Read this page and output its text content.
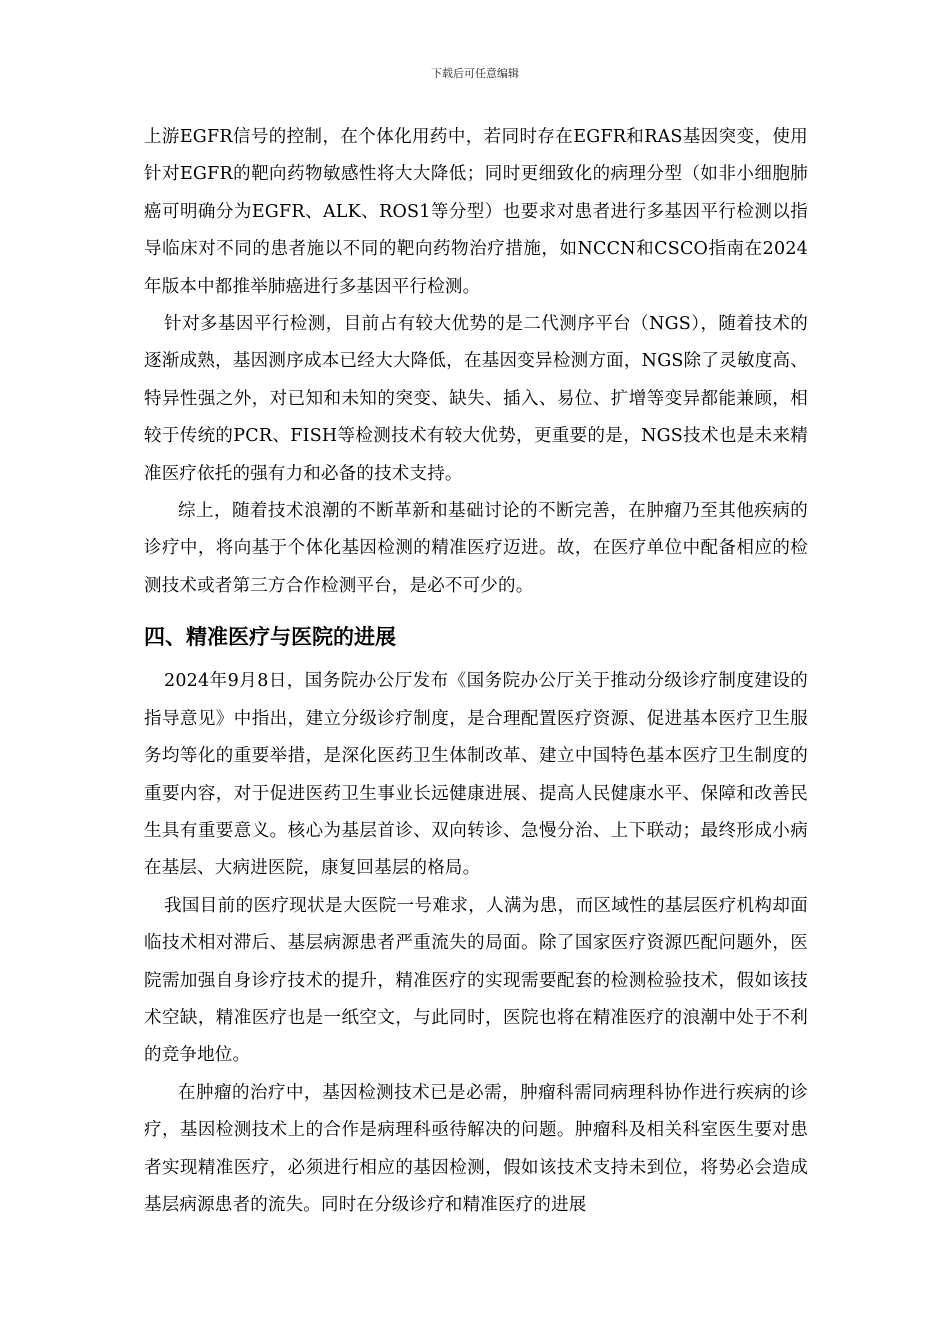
下载后可任意编辑

上游EGFR信号的控制，在个体化用药中，若同时存在EGFR和RAS基因突变，使用针对EGFR的靶向药物敏感性将大大降低；同时更细致化的病理分型（如非小细胞肺癌可明确分为EGFR、ALK、ROS1等分型）也要求对患者进行多基因平行检测以指导临床对不同的患者施以不同的靶向药物治疗措施，如NCCN和CSCO指南在2024年版本中都推举肺癌进行多基因平行检测。

针对多基因平行检测，目前占有较大优势的是二代测序平台（NGS），随着技术的逐渐成熟，基因测序成本已经大大降低，在基因变异检测方面，NGS除了灵敏度高、特异性强之外，对已知和未知的突变、缺失、插入、易位、扩增等变异都能兼顾，相较于传统的PCR、FISH等检测技术有较大优势，更重要的是，NGS技术也是未来精准医疗依托的强有力和必备的技术支持。

综上，随着技术浪潮的不断革新和基础讨论的不断完善，在肿瘤乃至其他疾病的诊疗中，将向基于个体化基因检测的精准医疗迈进。故，在医疗单位中配备相应的检测技术或者第三方合作检测平台，是必不可少的。

四、精准医疗与医院的进展

2024年9月8日，国务院办公厅发布《国务院办公厅关于推动分级诊疗制度建设的指导意见》中指出，建立分级诊疗制度，是合理配置医疗资源、促进基本医疗卫生服务均等化的重要举措，是深化医药卫生体制改革、建立中国特色基本医疗卫生制度的重要内容，对于促进医药卫生事业长远健康进展、提高人民健康水平、保障和改善民生具有重要意义。核心为基层首诊、双向转诊、急慢分治、上下联动；最终形成小病在基层、大病进医院，康复回基层的格局。

我国目前的医疗现状是大医院一号难求，人满为患，而区域性的基层医疗机构却面临技术相对滞后、基层病源患者严重流失的局面。除了国家医疗资源匹配问题外，医院需加强自身诊疗技术的提升，精准医疗的实现需要配套的检测检验技术，假如该技术空缺，精准医疗也是一纸空文，与此同时，医院也将在精准医疗的浪潮中处于不利的竞争地位。

在肿瘤的治疗中，基因检测技术已是必需，肿瘤科需同病理科协作进行疾病的诊疗，基因检测技术上的合作是病理科亟待解决的问题。肿瘤科及相关科室医生要对患者实现精准医疗，必须进行相应的基因检测，假如该技术支持未到位，将势必会造成基层病源患者的流失。同时在分级诊疗和精准医疗的进展
